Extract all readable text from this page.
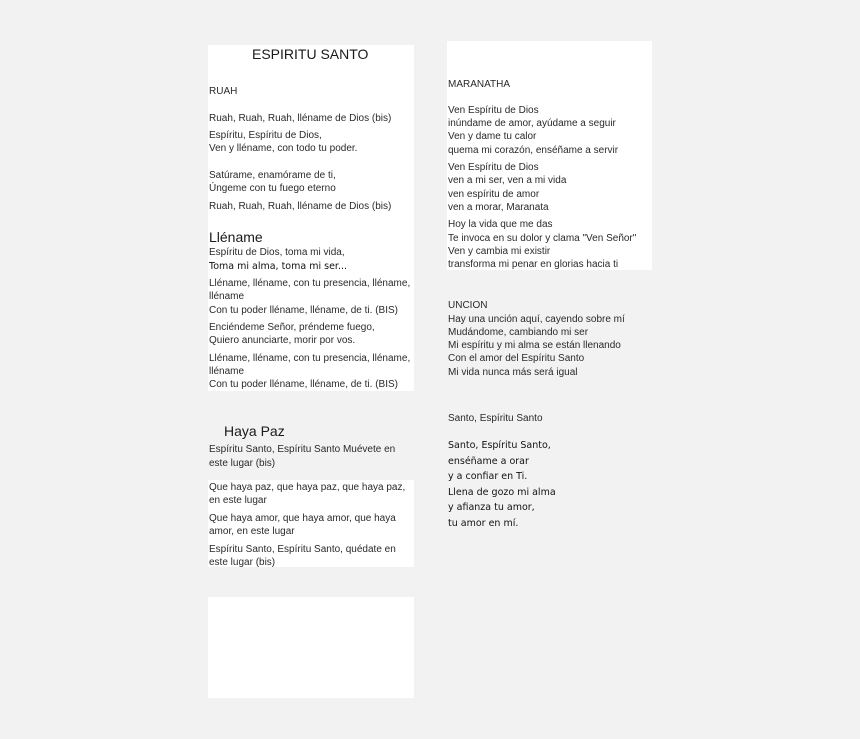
ESPIRITU SANTO
RUAH
Ruah, Ruah, Ruah, lléname de Dios (bis)
Espíritu, Espíritu de Dios,
Ven y lléname, con todo tu poder.
Satúrame, enamórame de ti,
Úngeme con tu fuego eterno
Ruah, Ruah, Ruah, lléname de Dios (bis)
Lléname
Espíritu de Dios, toma mi vida,
Toma mi alma, toma mi ser...
Lléname, lléname, con tu presencia, lléname,
lléname
Con tu poder lléname, lléname, de ti. (BIS)
Enciéndeme Señor, préndeme fuego,
Quiero anunciarte, morir por vos.
Lléname, lléname, con tu presencia, lléname,
lléname
Con tu poder lléname, lléname, de ti. (BIS)
Haya Paz
Espíritu Santo, Espíritu Santo Muévete en
este lugar (bis)
Que haya paz, que haya paz, que haya paz,
en este lugar
Que haya amor, que haya amor, que haya
amor, en este lugar
Espíritu Santo, Espíritu Santo, quédate en
este lugar (bis)
MARANATHA
Ven Espíritu de Dios
inúndame de amor, ayúdame a seguir
Ven y dame tu calor
quema mi corazón, enséñame a servir
Ven Espíritu de Dios
ven a mi ser, ven a mi vida
ven espíritu de amor
ven a morar, Maranata
Hoy la vida que me das
Te invoca en su dolor y clama "Ven Señor"
Ven y cambia mi existir
transforma mi penar en glorias hacia ti
UNCION
Hay una unción aquí, cayendo sobre mí
Mudándome, cambiando mi ser
Mi espíritu y mi alma se están llenando
Con el amor del Espíritu Santo
Mi vida nunca más será igual
Santo, Espíritu Santo
Santo, Espíritu Santo,
enséñame a orar
y a confiar en Ti.
Llena de gozo mi alma
y afianza tu amor,
tu amor en mí.
